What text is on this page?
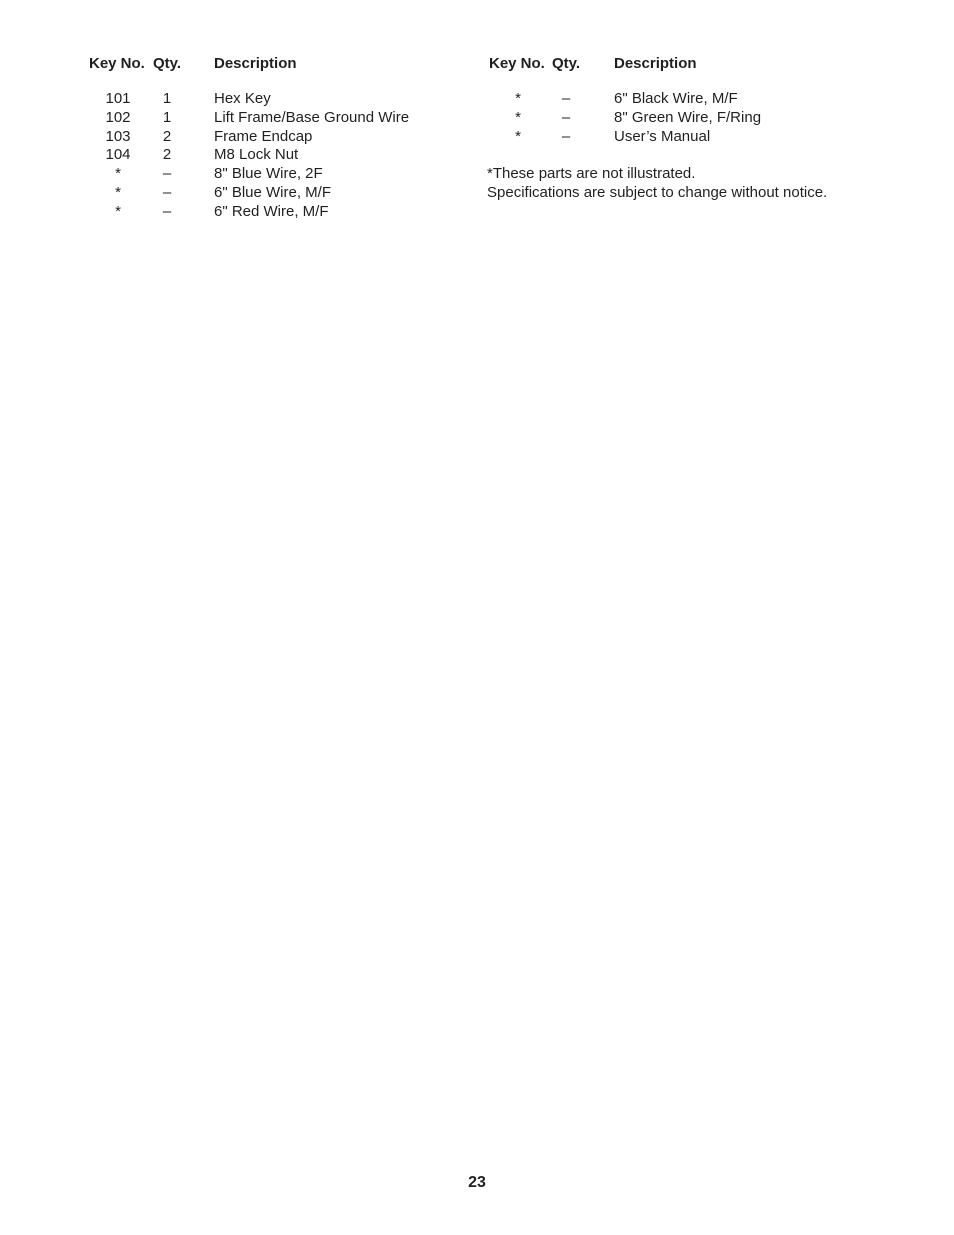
Key No. Qty. Description
101	1	Hex Key
102	1	Lift Frame/Base Ground Wire
103	2	Frame Endcap
104	2	M8 Lock Nut
*	–	8" Blue Wire, 2F
*	–	6" Blue Wire, M/F
*	–	6" Red Wire, M/F
Key No. Qty. Description
*	–	6" Black Wire, M/F
*	–	8" Green Wire, F/Ring
*	–	User’s Manual
*These parts are not illustrated.
Specifications are subject to change without notice.
23
